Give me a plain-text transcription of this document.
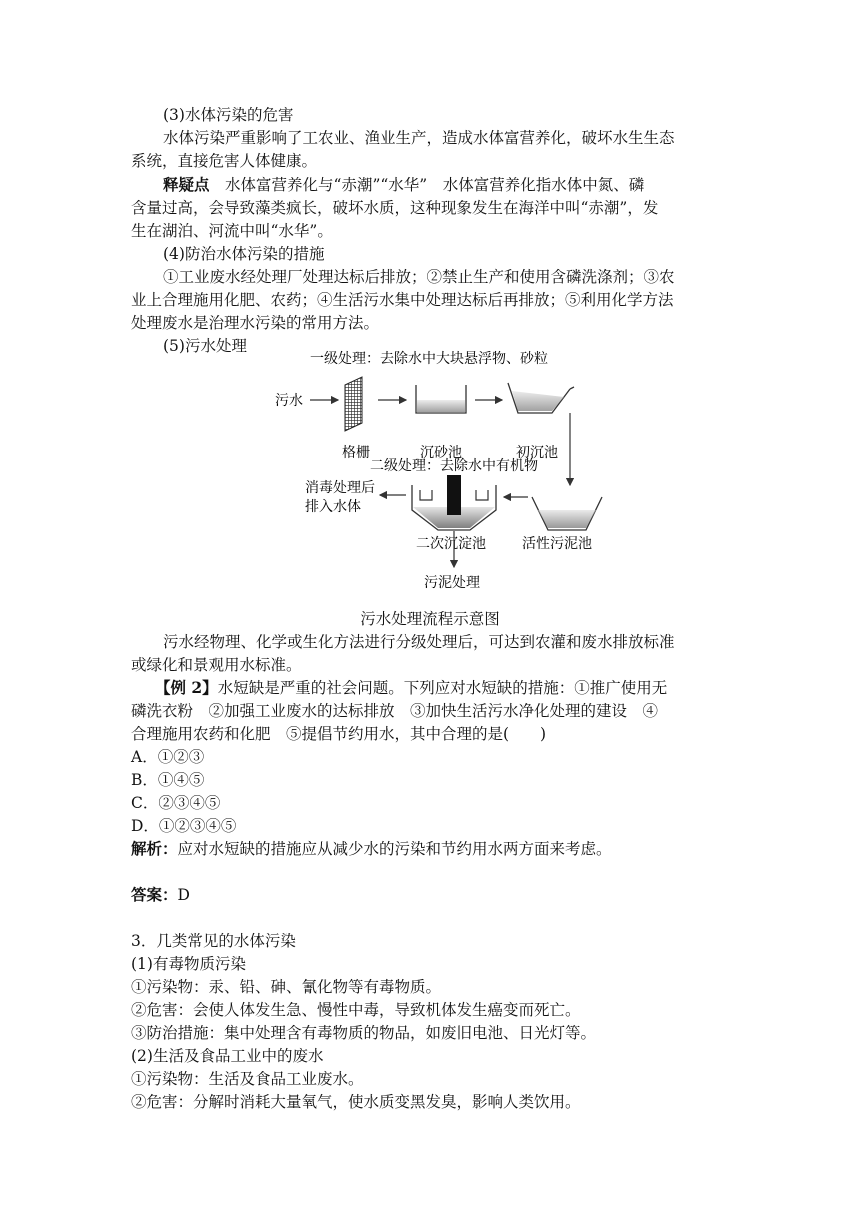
(3)水体污染的危害
水体污染严重影响了工农业、渔业生产，造成水体富营养化，破坏水生生态
系统，直接危害人体健康。
释疑点　水体富营养化与“赤潮”“水华”　水体富营养化指水体中氮、磷
含量过高，会导致藻类疯长，破坏水质，这种现象发生在海洋中叫“赤潮”，发
生在湖泊、河流中叫“水华”。
(4)防治水体污染的措施
①工业废水经处理厂处理达标后排放；②禁止生产和使用含磷洗涤剂；③农
业上合理施用化肥、农药；④生活污水集中处理达标后再排放；⑤利用化学方法
处理废水是治理水污染的常用方法。
(5)污水处理
一级处理：去除水中大块悬浮物、砂粒
污水
格栅	沉砂池	初沉池
二级处理：去除水中有机物
活性污泥池
二次沉淀池
消毒处理后
排入水体
污泥处理
污水处理流程示意图
污水经物理、化学或生化方法进行分级处理后，可达到农灌和废水排放标准
或绿化和景观用水标准。
【例 2】水短缺是严重的社会问题。下列应对水短缺的措施：①推广使用无
磷洗衣粉　②加强工业废水的达标排放　③加快生活污水净化处理的建设　④
合理施用农药和化肥　⑤提倡节约用水，其中合理的是(　　)
A．①②③
B．①④⑤
C．②③④⑤
D．①②③④⑤
解析：应对水短缺的措施应从减少水的污染和节约用水两方面来考虑。
答案：D
3．几类常见的水体污染
(1)有毒物质污染
①污染物：汞、铅、砷、氰化物等有毒物质。
②危害：会使人体发生急、慢性中毒，导致机体发生癌变而死亡。
③防治措施：集中处理含有毒物质的物品，如废旧电池、日光灯等。
(2)生活及食品工业中的废水
①污染物：生活及食品工业废水。
②危害：分解时消耗大量氧气，使水质变黑发臭，影响人类饮用。
